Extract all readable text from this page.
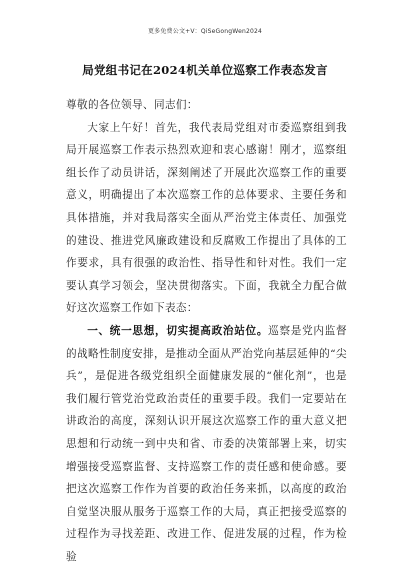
更多免费公文+V：QiSeGongWen2024
局党组书记在2024机关单位巡察工作表态发言

尊敬的各位领导、同志们：

大家上午好！首先，我代表局党组对市委巡察组到我局开展巡察工作表示热烈欢迎和衷心感谢！刚才，巡察组组长作了动员讲话，深刻阐述了开展此次巡察工作的重要意义，明确提出了本次巡察工作的总体要求、主要任务和具体措施，并对我局落实全面从严治党主体责任、加强党的建设、推进党风廉政建设和反腐败工作提出了具体的工作要求，具有很强的政治性、指导性和针对性。我们一定要认真学习领会，坚决贯彻落实。下面，我就全力配合做好这次巡察工作如下表态：

一、统一思想，切实提高政治站位。巡察是党内监督的战略性制度安排，是推动全面从严治党向基层延伸的“尖兵”，是促进各级党组织全面健康发展的“催化剂”，也是我们履行管党治党政治责任的重要手段。我们一定要站在讲政治的高度，深刻认识开展这次巡察工作的重大意义把思想和行动统一到中央和省、市委的决策部署上来，切实增强接受巡察监督、支持巡察工作的责任感和使命感。要把这次巡察工作作为首要的政治任务来抓，以高度的政治自觉坚决服从服务于巡察工作的大局，真正把接受巡察的过程作为寻找差距、改进工作、促进发展的过程，作为检验
